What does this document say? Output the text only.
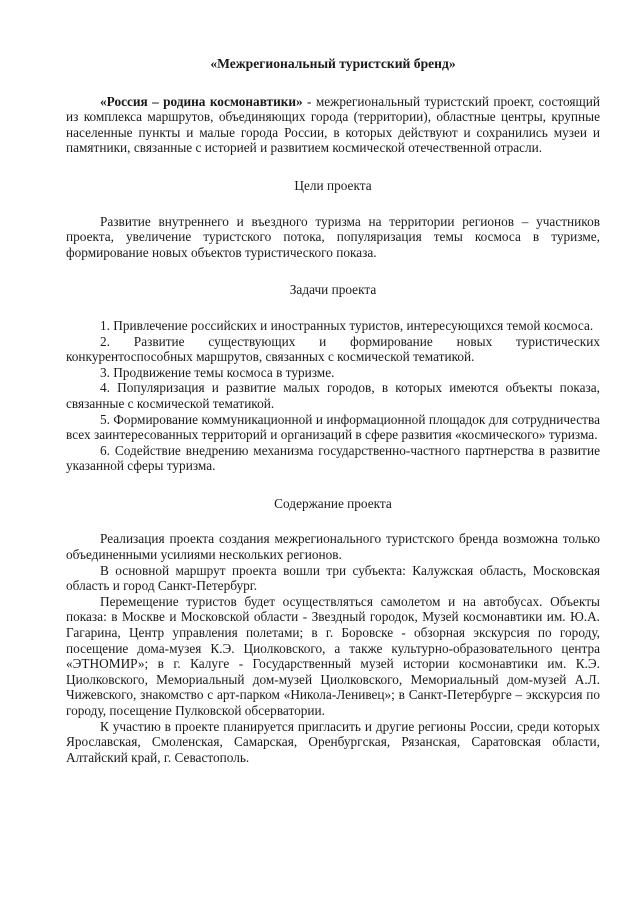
«Межрегиональный туристский бренд»

«Россия – родина космонавтики» - межрегиональный туристский проект, состоящий из комплекса маршрутов, объединяющих города (территории), областные центры, крупные населенные пункты и малые города России, в которых действуют и сохранились музеи и памятники, связанные с историей и развитием космической отечественной отрасли.

Цели проекта

Развитие внутреннего и въездного туризма на территории регионов – участников проекта, увеличение туристского потока, популяризация темы космоса в туризме, формирование новых объектов туристического показа.

Задачи проекта

1. Привлечение российских и иностранных туристов, интересующихся темой космоса.

2. Развитие существующих и формирование новых туристических конкурентоспособных маршрутов, связанных с космической тематикой.

3. Продвижение темы космоса в туризме.

4. Популяризация и развитие малых городов, в которых имеются объекты показа, связанные с космической тематикой.

5. Формирование коммуникационной и информационной площадок для сотрудничества всех заинтересованных территорий и организаций в сфере развития «космического» туризма.

6. Содействие внедрению механизма государственно-частного партнерства в развитие указанной сферы туризма.

Содержание проекта

Реализация проекта создания межрегионального туристского бренда возможна только объединенными усилиями нескольких регионов.

В основной маршрут проекта вошли три субъекта: Калужская область, Московская область и город Санкт-Петербург.

Перемещение туристов будет осуществляться самолетом и на автобусах. Объекты показа: в Москве и Московской области - Звездный городок, Музей космонавтики им. Ю.А. Гагарина, Центр управления полетами; в г. Боровске - обзорная экскурсия по городу, посещение дома-музея К.Э. Циолковского, а также культурно-образовательного центра «ЭТНОМИР»; в г. Калуге - Государственный музей истории космонавтики им. К.Э. Циолковского, Мемориальный дом-музей Циолковского, Мемориальный дом-музей А.Л. Чижевского, знакомство с арт-парком «Никола-Ленивец»; в Санкт-Петербурге – экскурсия по городу, посещение Пулковской обсерватории.

К участию в проекте планируется пригласить и другие регионы России, среди которых Ярославская, Смоленская, Самарская, Оренбургская, Рязанская, Саратовская области, Алтайский край, г. Севастополь.
